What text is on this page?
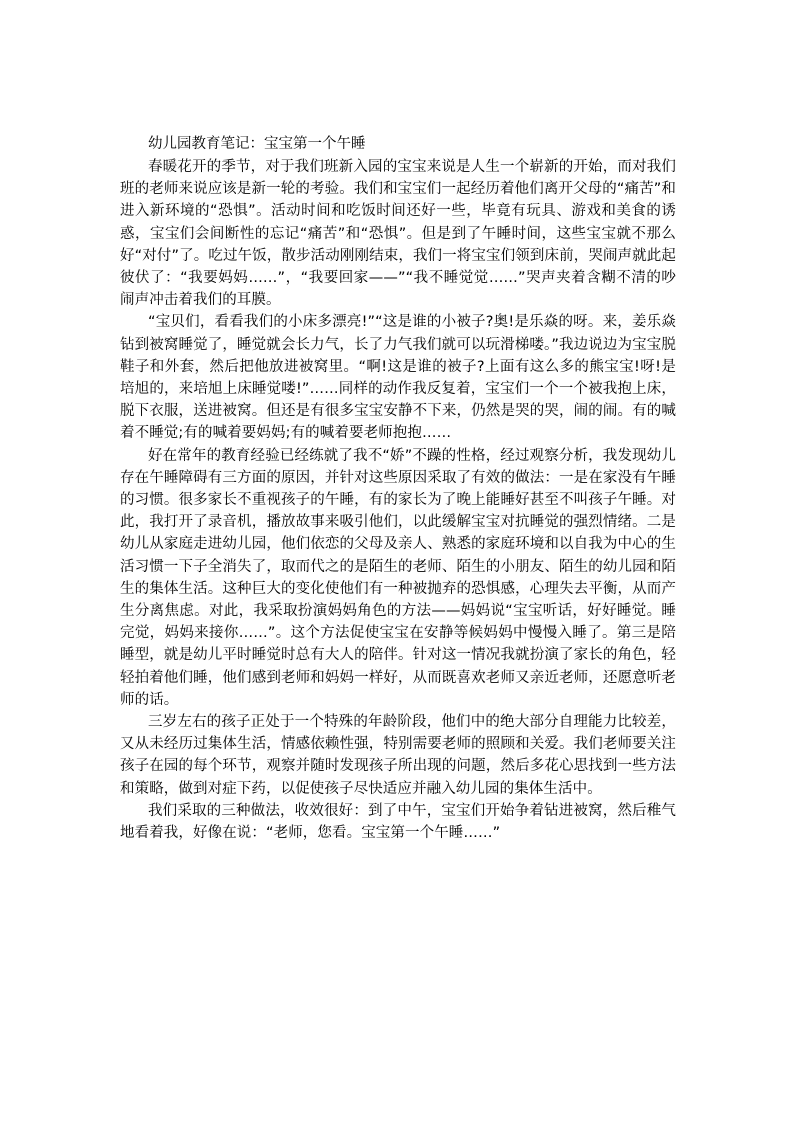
幼儿园教育笔记：宝宝第一个午睡

春暖花开的季节，对于我们班新入园的宝宝来说是人生一个崭新的开始，而对我们班的老师来说应该是新一轮的考验。我们和宝宝们一起经历着他们离开父母的“痛苦”和进入新环境的“恐惧”。活动时间和吃饭时间还好一些，毕竟有玩具、游戏和美食的诱惑，宝宝们会间断性的忘记“痛苦”和“恐惧”。但是到了午睡时间，这些宝宝就不那么好“对付”了。吃过午饭，散步活动刚刚结束，我们一将宝宝们领到床前，哭闹声就此起彼伏了：“我要妈妈……”，“我要回家——”“我不睡觉觉……”哭声夹着含糊不清的吵闹声冲击着我们的耳膜。

“宝贝们，看看我们的小床多漂亮!”“这是谁的小被子?奥!是乐焱的呀。来，姜乐焱钻到被窝睡觉了，睡觉就会长力气，长了力气我们就可以玩滑梯喽。”我边说边为宝宝脱鞋子和外套，然后把他放进被窝里。“啊!这是谁的被子?上面有这么多的熊宝宝!呀!是培旭的，来培旭上床睡觉喽!”……同样的动作我反复着，宝宝们一个一个被我抱上床，脱下衣服，送进被窝。但还是有很多宝宝安静不下来，仍然是哭的哭，闹的闹。有的喊着不睡觉;有的喊着要妈妈;有的喊着要老师抱抱……

好在常年的教育经验已经练就了我不“娇”不躁的性格，经过观察分析，我发现幼儿存在午睡障碍有三方面的原因，并针对这些原因采取了有效的做法：一是在家没有午睡的习惯。很多家长不重视孩子的午睡，有的家长为了晚上能睡好甚至不叫孩子午睡。对此，我打开了录音机，播放故事来吸引他们，以此缓解宝宝对抗睡觉的强烈情绪。二是幼儿从家庭走进幼儿园，他们依恋的父母及亲人、熟悉的家庭环境和以自我为中心的生活习惯一下子全消失了，取而代之的是陌生的老师、陌生的小朋友、陌生的幼儿园和陌生的集体生活。这种巨大的变化使他们有一种被抛弃的恐惧感，心理失去平衡，从而产生分离焦虑。对此，我采取扮演妈妈角色的方法——妈妈说“宝宝听话，好好睡觉。睡完觉，妈妈来接你……”。这个方法促使宝宝在安静等候妈妈中慢慢入睡了。第三是陪睡型，就是幼儿平时睡觉时总有大人的陪伴。针对这一情况我就扮演了家长的角色，轻轻拍着他们睡，他们感到老师和妈妈一样好，从而既喜欢老师又亲近老师，还愿意听老师的话。

三岁左右的孩子正处于一个特殊的年龄阶段，他们中的绝大部分自理能力比较差，又从未经历过集体生活，情感依赖性强，特别需要老师的照顾和关爱。我们老师要关注孩子在园的每个环节，观察并随时发现孩子所出现的问题，然后多花心思找到一些方法和策略，做到对症下药，以促使孩子尽快适应并融入幼儿园的集体生活中。

我们采取的三种做法，收效很好：到了中午，宝宝们开始争着钻进被窝，然后稚气地看着我，好像在说：“老师，您看。宝宝第一个午睡……”
